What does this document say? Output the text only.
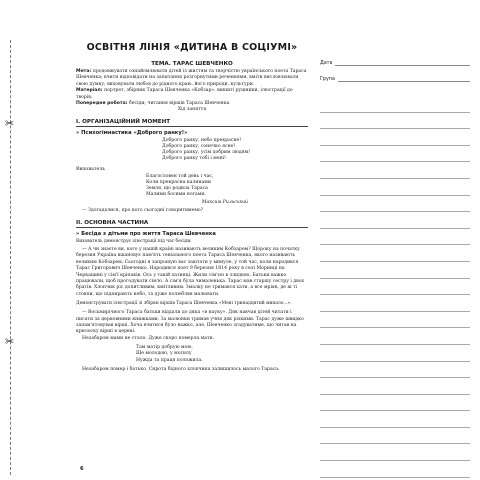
✂
✂
ОСВІТНЯ ЛІНІЯ «ДИТИНА В СОЦІУМІ»
ТЕМА. ТАРАС ШЕВЧЕНКО

Мета: продовжувати ознайомлювати дітей із життям та творчістю українського поета Тараса Шевченка; вчити відповідати на запитання розгорнутими реченнями, вміти висловлювати свою думку; виховувати любов до рідного краю, його природи, культури.

Матеріал: портрет, збірник Тараса Шевченка «Кобзар», вишиті рушники, ілюстрації до творів.

Попередня робота: бесіди; читання віршів Тараса Шевченка

Хід заняття

І. ОРГАНІЗАЦІЙНИЙ МОМЕНТ
» Психогімнастика «Доброго ранку!»
Доброго ранку, небо прекрасне!
Доброго ранку, сонечко ясне!
Доброго ранку, усім добрим людям!
Доброго ранку тобі і мені!
Вихователь
Благословен той день і час,
Коли прекрасна калинами
Земля, що родила Тараса
Малими босими ногами.
Максим Рильський

— Здогадалися, про кого сьогодні говоритимемо?

ІІ. ОСНОВНА ЧАСТИНА
» Бесіда з дітьми про життя Тараса Шевченка

Вихователь демонструє ілюстрації під час бесіди.

— А чи знаєте ви, кого у нашій країні називають великим Кобзарем? Щороку на початку березня Україна вшановує пам'ять геніального поета Тараса Шевченка, якого називають великим Кобзарем. Сьогодні я запрошую вас завітати у минуле, у той час, коли народився Тарас Григорович Шевченко. Народився поет 9 березня 1814 року в селі Моринці на Черкащині у сім'ї кріпаків. Ось у такій хатинці. Жили сім'єю в злиднях. Батьки важко працювали, щоб прогодувати сім'ю. А сім'я була чималенька. Тарас мав старшу сестру і двох братів. Хлопчик ріс допитливим, кмітливим. Змалку не тримався хати, а все мріяв, де ж ті стовпи, що підпирають небо, та дуже полюбляв малювати.

Демонструвати ілюстрації зі збірки віршів Тараса Шевченка «Мені тринадцятий минало...».

— Восьмирічного Тараса батьки віддали до дяка «в науку». Дяк навчав дітей читати і писати за церковними книжками. За малюнки тримав учня дяк різкими. Тарас дуже швидко запам'ятовував вірші. Хоча вчитися було важко, але, Шевченко згадуватиме, що читав на крилоску вірші в церкві.

Незабаром мами не стало. Дуже скоро померла мати.

Там матір добрую мою,
Ще молодою, у могилу
Нужда та праця положила.

Незабаром помер і батько. Сирота бідного хлопчика залишилось малого Тараса.

Дата
Група
6
